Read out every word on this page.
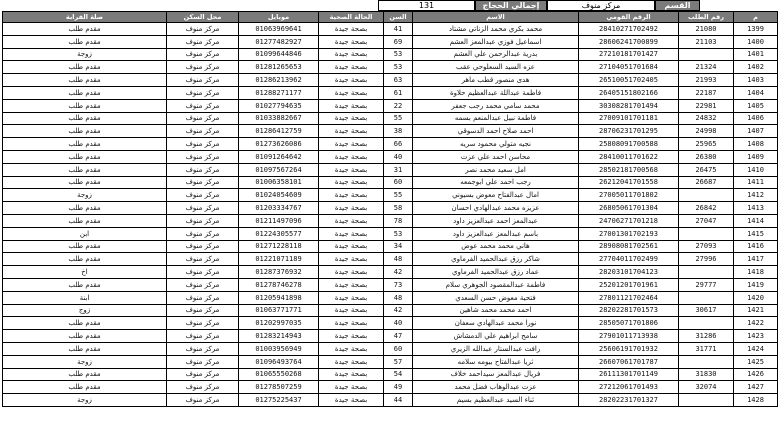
القسم
مركز منوف
إجمالي الحجاج
131
م	رقم الطلب	الرقم القومي	الاسم	السن	الحالة الصحية	موبايل	محل السكن	صلة القرابة
1399	21080	28410271702492	محمد بكري محمد الزناتي مشتاد	41	بصحة جيدة	01063969641	مركز منوف	مقدم طلب
1400	21103	28606241700899	اسماعيل فوزي عبدالمعز العشم	69	بصحة جيدة	01277482927	مركز منوف	مقدم طلب
1401		27210181701427	بدرية عبدالرحمن علي العشم	53	بصحة جيدة	01099644846	مركز منوف	زوجة
1402	21324	27104051701684	عزه السيد السعلوحي عقب	53	بصحة جيدة	01281265653	مركز منوف	مقدم طلب
1403	21993	26510051702405	هدى منصور قطب ماهر	63	بصحة جيدة	01286213962	مركز منوف	مقدم طلب
1404	22187	26405151802166	فاطمة عبداللة عبدالعظيم حلاوة	61	بصحة جيدة	01288271177	مركز منوف	مقدم طلب
1405	22981	30308281701494	محمد سامي محمد رجب جعفر	22	بصحة جيدة	01027794635	مركز منوف	مقدم طلب
1406	24832	27009101701181	فاطمة نبيل عبدالمنعم بسمه	55	بصحة جيدة	01033882667	مركز منوف	مقدم طلب
1407	24998	28706231701295	احمد صلاح احمد الدسوقي	38	بصحة جيدة	01286412759	مركز منوف	مقدم طلب
1408	25965	25808091700588	نجيه متولي محمود سريه	66	بصحة جيدة	01273626086	مركز منوف	مقدم طلب
1409	26380	28410011701622	محاسن احمد علي عزت	40	بصحة جيدة	01091264642	مركز منوف	مقدم طلب
1410	26475	28502181700568	امل سعيد محمد نصر	31	بصحة جيدة	01097567264	مركز منوف	مقدم طلب
1411	26687	26212041701558	رجب احمد علي ابوجمعه	60	بصحة جيدة	01006358101	مركز منوف	مقدم طلب
1412		27005011701802	امال عبدالفتاح معوض بسيوني	55	بصحة جيدة	01024054609	مركز منوف	زوجة
1413	26842	26805061701304	عزيزه محمد عبدالهادي احسان	58	بصحة جيدة	01203334767	مركز منوف	مقدم طلب
1414	27047	24706271701218	عبدالمعز احمد عبدالعزيز داود	78	بصحة جيدة	01211497096	مركز منوف	مقدم طلب
1415		27001301702193	باسم عبدالمعز عبدالعزيز داود	53	بصحة جيدة	01224305577	مركز منوف	ابن
1416	27093	28908081702561	هاني محمد محمد عوض	34	بصحة جيدة	01271228118	مركز منوف	مقدم طلب
1417	27996	27704011702499	شاكر رزق عبدالحميد الفرماوي	48	بصحة جيدة	01221071189	مركز منوف	مقدم طلب
1418		28203101704123	عماد رزق عبدالحميد الفرماوي	42	بصحة جيدة	01287376932	مركز منوف	اخ
1419	29777	25201201701961	فاطمة عبدالمقصود الجوهري سلام	73	بصحة جيدة	01278746278	مركز منوف	مقدم طلب
1420		27801121702464	فتحية معوض حسن السعدي	48	بصحة جيدة	01205941898	مركز منوف	ابنة
1421	30617	28202281701573	احمد محمد محمد شاهين	42	بصحة جيدة	01063771771	مركز منوف	زوج
1422		28505071701806	نورا محمد عبدالهادي سعفان	40	بصحة جيدة	01202997035	مركز منوف	مقدم طلب
1423	31286	27901011713938	سامح ابراهيم علي الدمشاش	47	بصحة جيدة	01283214943	مركز منوف	مقدم طلب
1424	31771	25606191701932	رافت عبدالستار عبدالله الزيري	60	بصحة جيدة	01003956949	مركز منوف	مقدم طلب
1425		26607061701787	ثريا عبدالفتاح بيومه سلامه	57	بصحة جيدة	01096493764	مركز منوف	زوجة
1426	31830	26111301701149	فريال عبدالمعز سيداحمد خلاف	54	بصحة جيدة	01065550268	مركز منوف	مقدم طلب
1427	32074	27212061701493	عزت عبدالوهاب فضل محمد	49	بصحة جيدة	01278507259	مركز منوف	مقدم طلب
1428		28202231701327	ثناء السيد عبدالعظيم بسيم	44	بصحة جيدة	01275225437	مركز منوف	زوجة
